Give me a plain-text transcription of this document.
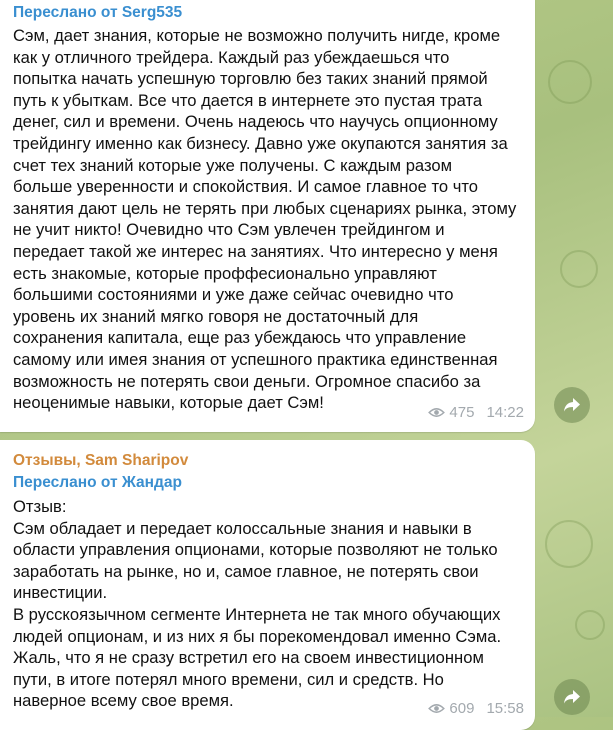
Переслано от Serg535
Сэм, дает знания, которые не возможно получить нигде, кроме
как у отличного трейдера. Каждый раз убеждаешься что
попытка начать успешную торговлю без таких знаний прямой
путь к убыткам. Все что дается в интернете это пустая трата
денег, сил и времени. Очень надеюсь что научусь опционному
трейдингу именно как бизнесу. Давно уже окупаются занятия за
счет тех знаний которые уже получены. С каждым разом
больше уверенности и спокойствия. И самое главное то что
занятия дают цель не терять при любых сценариях рынка, этому
не учит никто! Очевидно что Сэм увлечен трейдингом и
передает такой же интерес на занятиях. Что интересно у меня
есть знакомые, которые проффесионально управляют
большими состояниями и уже даже сейчас очевидно что
уровень их знаний мягко говоря не достаточный для
сохранения капитала, еще раз убеждаюсь что управление
самому или имея знания от успешного практика единственная
возможность не потерять свои деньги. Огромное спасибо за
неоценимые навыки, которые дает Сэм!
475 14:22
Отзывы, Sam Sharipov
Переслано от Жандар
Отзыв:
Сэм обладает и передает колоссальные знания и навыки в
области управления опционами, которые позволяют не только
заработать на рынке, но и, самое главное, не потерять свои
инвестиции.
В русскоязычном сегменте Интернета не так много обучающих
людей опционам, и из них я бы порекомендовал именно Сэма.
Жаль, что я не сразу встретил его на своем инвестиционном
пути, в итоге потерял много времени, сил и средств. Но
наверное всему свое время.	609 15:58
